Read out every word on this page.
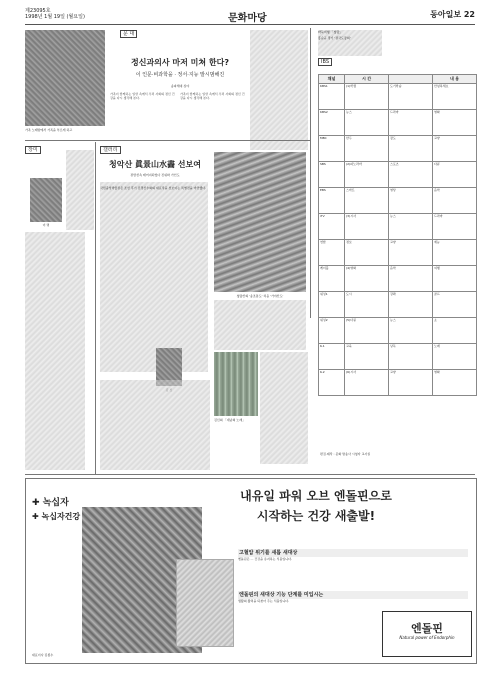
제23095호
1998년 1월 19일 (월요일)	문화마당	동아일보 22
가족 노래방에서 가족을 부르게 하고
문 대
정신과의사 마저 미쳐 한다?
이 인문·비과학을 · 정서·지능 발시범해진
송파세대 심야
가족이 함께하는 일상 속에서 우리 사회의 정신 건강을 다시 생각해 본다.
가족이 함께하는 일상 속에서 우리 사회의 정신 건강을 다시 생각해 본다.
장미
이 명
갤러리
청악산 眞景山水畵 선보여
관람선속 태어지되었다 진위와 가인도
국립중앙박물관은 조선 후기 진경산수화의 대표작을 선보이는 특별전을 마련했다.
청량산의 '송조통도' 처음 '가야산도'
김신의 「새남의 노래」
IBS
바둑여행 「청량」
홍순규 경기 '결국도장회'
채널	시 간		내 용
KBS1	(1)학생	도기학습	안녕하세요
KBS2	뉴스	드라마	영화
MBC	한두	장도	교양
SBS	(2)파노라마	스포츠	다큐
EBS	스마트	영상	음악
iTV	(3)시사	뉴스	드라마
연합	정보	교양	예능
케이블	(4)영화	음악	여행
위성1	도시	강좌	골프
위성2	(5)다큐	뉴스	쇼
K-1	교육	낭독	노래
K-2	(6)시사	교양	영화
편집·제작 : 문화 방송사 시청자 교사실
✚ 녹십자
✚ 녹십자건강
내유일 파워 오브 엔돌핀으로
시작하는 건강 새출발!
고혈압 위기를 새롭 새대상
엔돌핀은 ... 건강을 유지하는 식품입니다.
엔돌핀의 새대상 기능 단계를 미입시는
생활의 활력을 되찾아 주는 식품입니다.
엔돌핀
Natural power of Endorphin
대표이사 김종수
